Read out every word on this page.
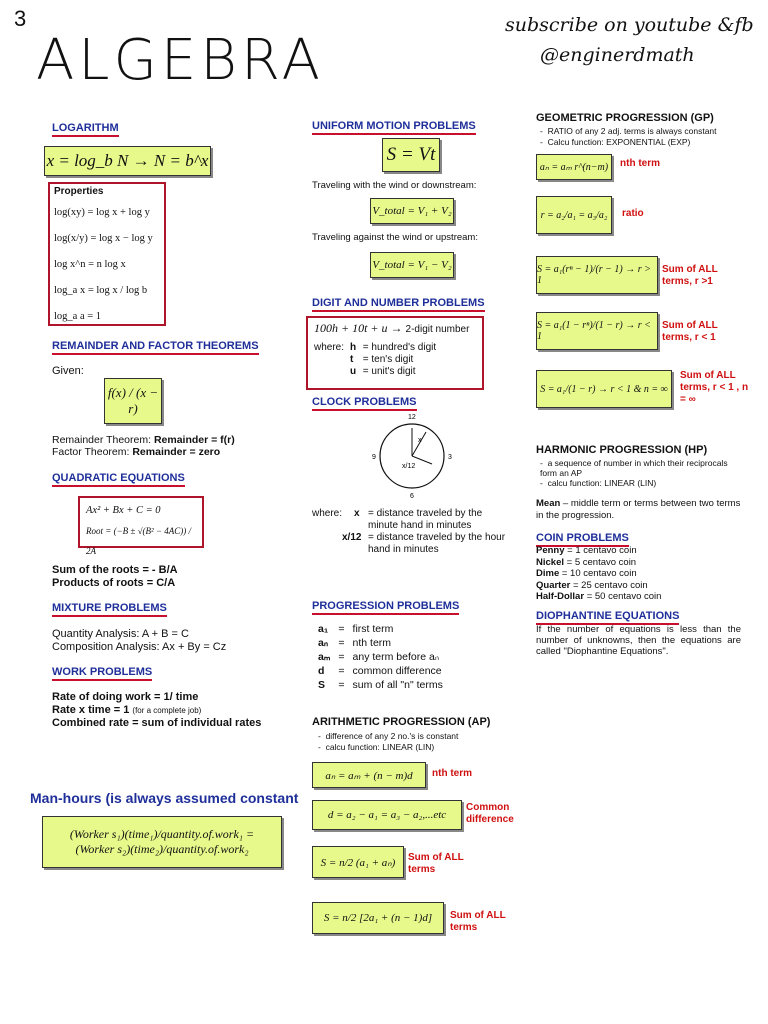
3
ALGEBRA
subscribe on youtube &fb
@enginerdmath
LOGARITHM
x = log_b N → N = b^x
Properties
log(xy) = log x + log y
log(x/y) = log x − log y
log x^n = n log x
log_a x = log x / log b
log_a a = 1
REMAINDER AND FACTOR THEOREMS
Given:
f(x) / (x − r)
Remainder Theorem: Remainder = f(r)
Factor Theorem: Remainder = zero
QUADRATIC EQUATIONS
Ax² + Bx + C = 0
Root = (−B ± √(B² − 4AC)) / 2A
Sum of the roots = - B/A
Products of roots = C/A
MIXTURE PROBLEMS
Quantity Analysis: A + B = C
Composition Analysis: Ax + By = Cz
WORK PROBLEMS
Rate of doing work = 1/ time
Rate x time = 1 (for a complete job)
Combined rate = sum of individual rates
Man-hours (is always assumed constant
(Worker s₁)(time₁)/quantity.of.work₁ = (Worker s₂)(time₂)/quantity.of.work₂
UNIFORM MOTION PROBLEMS
S = Vt
Traveling with the wind or downstream:
V_total = V₁ + V₂
Traveling against the wind or upstream:
V_total = V₁ − V₂
DIGIT AND NUMBER PROBLEMS
100h + 10t + u → 2-digit number
where: h = hundred's digit
t = ten's digit
u = unit's digit
CLOCK PROBLEMS
12
3
6
9
x
x/12
where:	x = distance traveled by the minute hand in minutes
x/12 = distance traveled by the hour hand in minutes
PROGRESSION PROBLEMS
a₁	=	first term
aₙ	=	nth term
aₘ	=	any term before aₙ
d	=	common difference
S	=	sum of all "n" terms
ARITHMETIC PROGRESSION (AP)
-  difference of any 2 no.'s is constant
-  calcu function: LINEAR (LIN)
aₙ = aₘ + (n − m)d	nth term
d = a₂ − a₁ = a₃ − a₂,...etc
Common difference
S = n/2 (a₁ + aₙ)	Sum of ALL terms
S = n/2 [2a₁ + (n − 1)d]	Sum of ALL terms
GEOMETRIC PROGRESSION (GP)
-  RATIO of any 2 adj. terms is always constant
-  Calcu function: EXPONENTIAL (EXP)
aₙ = aₘ r^(n−m)	nth term
r = a₂/a₁ = a₃/a₂	ratio
S = a₁(rⁿ − 1)/(r − 1) → r > 1
Sum of ALL terms, r >1
S = a₁(1 − rⁿ)/(1 − r) → r < 1
Sum of ALL terms, r < 1
S = a₁/(1 − r) → r < 1 & n = ∞
Sum of ALL terms, r < 1 , n = ∞
HARMONIC PROGRESSION (HP)
-  a sequence of number in which their reciprocals form an AP
-  calcu function: LINEAR (LIN)
Mean – middle term or terms between two terms in the progression.
COIN PROBLEMS
Penny = 1 centavo coin
Nickel = 5 centavo coin
Dime = 10 centavo coin
Quarter = 25 centavo coin
Half-Dollar = 50 centavo coin
DIOPHANTINE EQUATIONS
If the number of equations is less than the number of unknowns, then the equations are called "Diophantine Equations".
